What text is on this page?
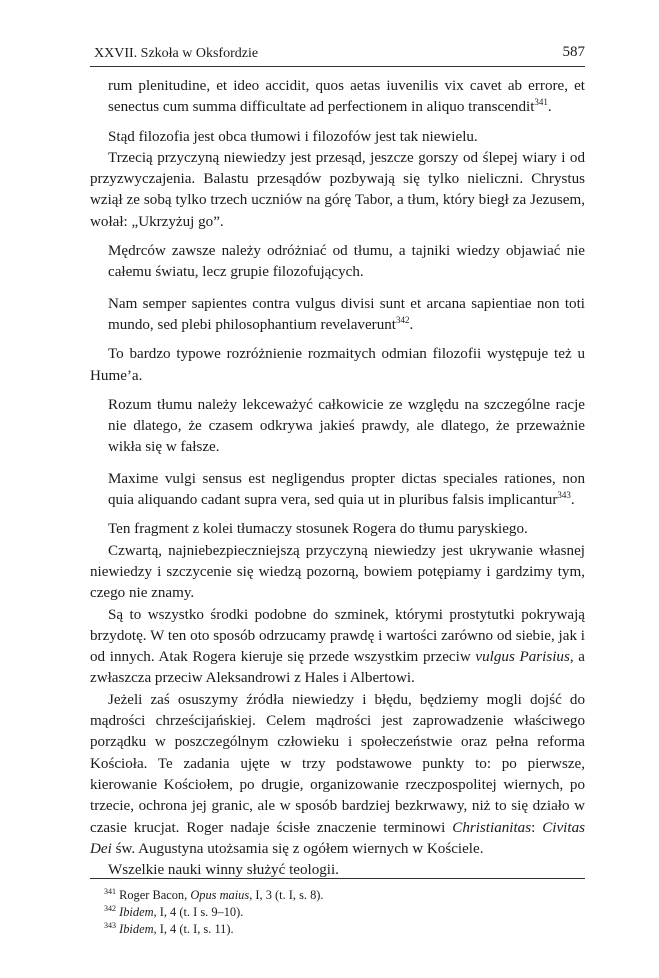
XXVII. Szkoła w Oksfordzie	587

rum plenitudine, et ideo accidit, quos aetas iuvenilis vix cavet ab errore, et senectus cum summa difficultate ad perfectionem in aliquo transcendit$^{341}$.

Stąd filozofia jest obca tłumowi i filozofów jest tak niewielu.

Trzecią przyczyną niewiedzy jest przesąd, jeszcze gorszy od ślepej wiary i od przyzwyczajenia. Balastu przesądów pozbywają się tylko nieliczni. Chrystus wziął ze sobą tylko trzech uczniów na górę Tabor, a tłum, który biegł za Jezusem, wołał: „Ukrzyżuj go”.

Mędrców zawsze należy odróżniać od tłumu, a tajniki wiedzy objawiać nie całemu światu, lecz grupie filozofujących.

Nam semper sapientes contra vulgus divisi sunt et arcana sapientiae non toti mundo, sed plebi philosophantium revelaverunt$^{342}$.

To bardzo typowe rozróżnienie rozmaitych odmian filozofii występuje też u Hume’a.

Rozum tłumu należy lekceważyć całkowicie ze względu na szczególne racje nie dlatego, że czasem odkrywa jakieś prawdy, ale dlatego, że przeważnie wikła się w fałsze.

Maxime vulgi sensus est negligendus propter dictas speciales rationes, non quia aliquando cadant supra vera, sed quia ut in pluribus falsis implicantur$^{343}$.

Ten fragment z kolei tłumaczy stosunek Rogera do tłumu paryskiego.

Czwartą, najniebezpieczniejszą przyczyną niewiedzy jest ukrywanie własnej niewiedzy i szczycenie się wiedzą pozorną, bowiem potępiamy i gardzimy tym, czego nie znamy.

Są to wszystko środki podobne do szminek, którymi prostytutki pokrywają brzydotę. W ten oto sposób odrzucamy prawdę i wartości zarówno od siebie, jak i od innych. Atak Rogera kieruje się przede wszystkim przeciw vulgus Parisius, a zwłaszcza przeciw Aleksandrowi z Hales i Albertowi.

Jeżeli zaś osuszymy źródła niewiedzy i błędu, będziemy mogli dojść do mądrości chrześcijańskiej. Celem mądrości jest zaprowadzenie właściwego porządku w poszczególnym człowieku i społeczeństwie oraz pełna reforma Kościoła. Te zadania ujęte w trzy podstawowe punkty to: po pierwsze, kierowanie Kościołem, po drugie, organizowanie rzeczpospolitej wiernych, po trzecie, ochrona jej granic, ale w sposób bardziej bezkrwawy, niż to się działo w czasie krucjat. Roger nadaje ścisłe znaczenie terminowi Christianitas: Civitas Dei św. Augustyna utożsamia się z ogółem wiernych w Kościele.

Wszelkie nauki winny służyć teologii.

$^{341}$ Roger Bacon, Opus maius, I, 3 (t. I, s. 8).

$^{342}$ Ibidem, I, 4 (t. I s. 9–10).

$^{343}$ Ibidem, I, 4 (t. I, s. 11).
